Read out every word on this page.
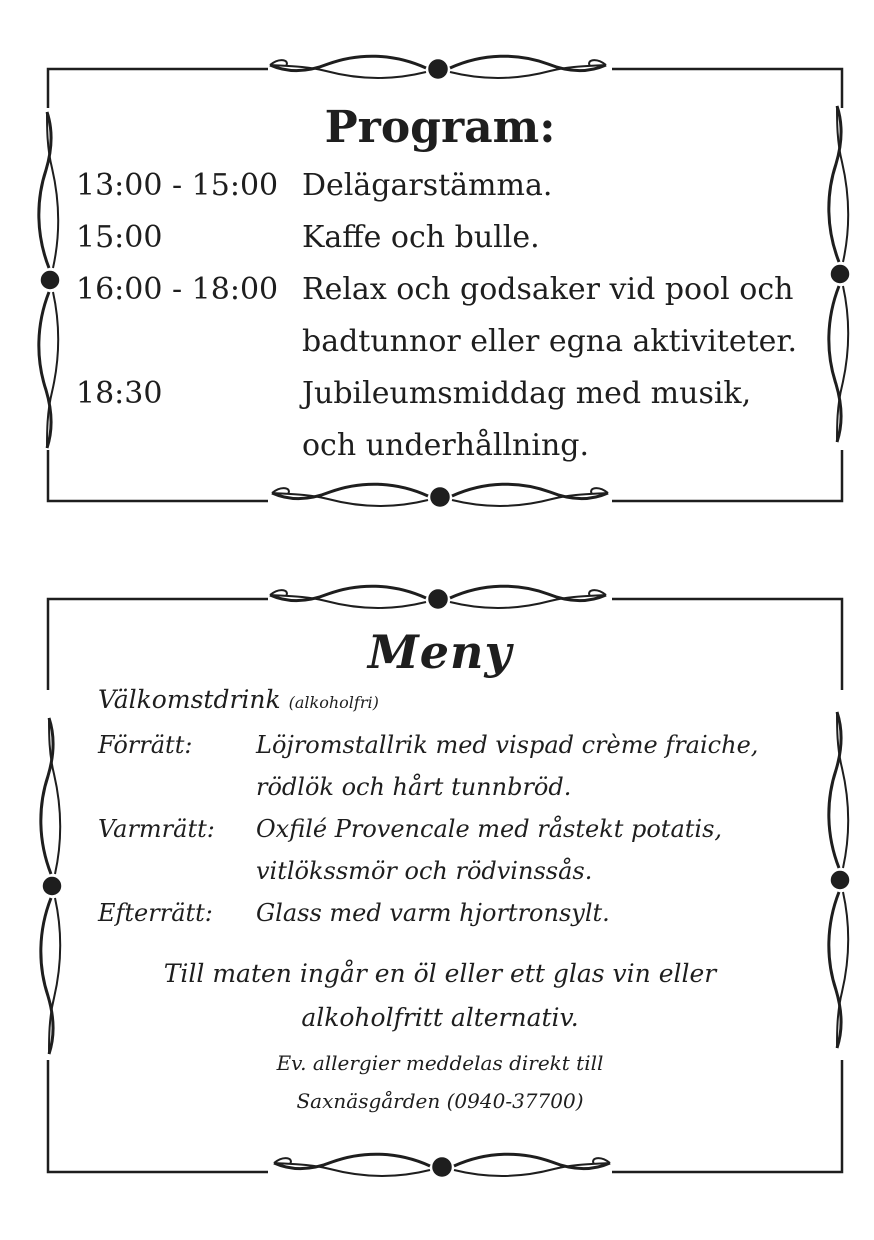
Program:
13:00 - 15:00 Delägarstämma.
15:00	Kaffe och bulle.
16:00 - 18:00 Relax och godsaker vid pool och
badtunnor eller egna aktiviteter.
18:30	Jubileumsmiddag med musik,
och underhållning.
Meny
Välkomstdrink (alkoholfri)
Förrätt:	Löjromstallrik med vispad crème fraiche,
rödlök och hårt tunnbröd.
Varmrätt:	Oxfilé Provencale med råstekt potatis,
vitlökssmör och rödvinssås.
Efterrätt:	Glass med varm hjortronsylt.
Till maten ingår en öl eller ett glas vin eller
alkoholfritt alternativ.
Ev. allergier meddelas direkt till
Saxnäsgården (0940-37700)
